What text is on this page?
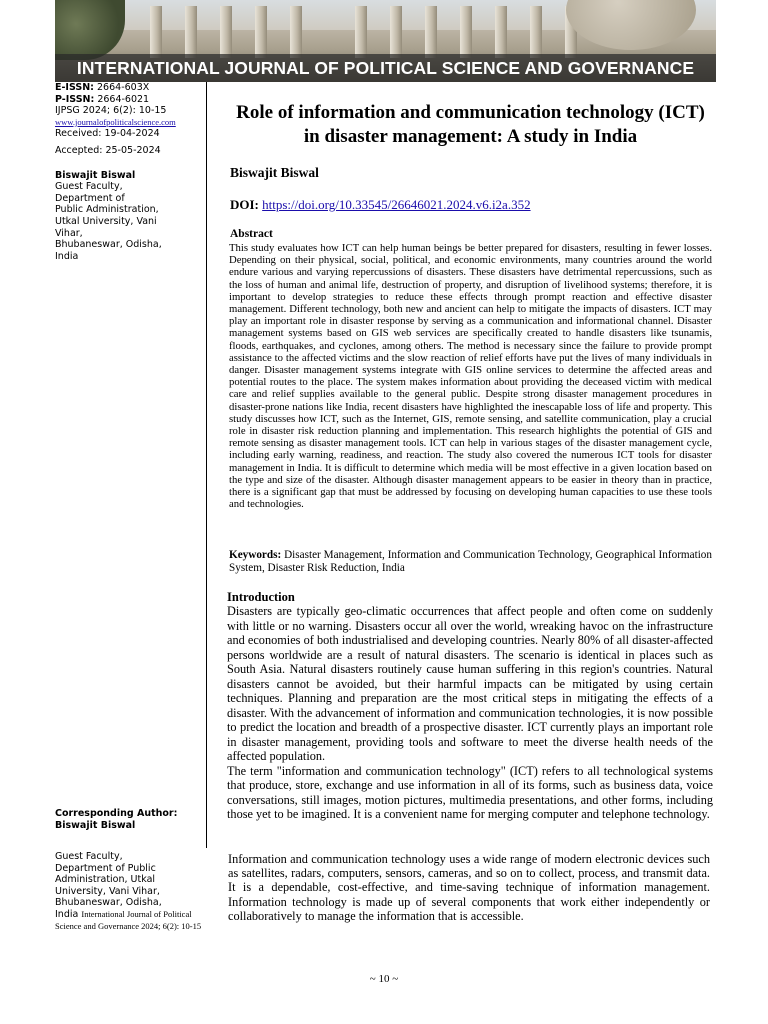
INTERNATIONAL JOURNAL OF POLITICAL SCIENCE AND GOVERNANCE
E-ISSN: 2664-603X
P-ISSN: 2664-6021
IJPSG 2024; 6(2): 10-15
www.journalofpoliticalscience.com
Received: 19-04-2024
Accepted: 25-05-2024
Biswajit Biswal
Guest Faculty,
Department of
Public Administration,
Utkal University, Vani
Vihar,
Bhubaneswar, Odisha,
India
Corresponding Author:
Biswajit Biswal
Guest Faculty,
Department of Public
Administration, Utkal
University, Vani Vihar,
Bhubaneswar, Odisha,
India International Journal of Political Science and Governance 2024; 6(2): 10-15
Role of information and communication technology (ICT) in disaster management: A study in India
Biswajit Biswal
DOI: https://doi.org/10.33545/26646021.2024.v6.i2a.352
Abstract
This study evaluates how ICT can help human beings be better prepared for disasters, resulting in fewer losses. Depending on their physical, social, political, and economic environments, many countries around the world endure various and varying repercussions of disasters. These disasters have detrimental repercussions, such as the loss of human and animal life, destruction of property, and disruption of livelihood systems; therefore, it is important to develop strategies to reduce these effects through prompt reaction and effective disaster management. Different technology, both new and ancient can help to mitigate the impacts of disasters. ICT may play an important role in disaster response by serving as a communication and informational channel. Disaster management systems based on GIS web services are specifically created to handle disasters like tsunamis, floods, earthquakes, and cyclones, among others. The method is necessary since the failure to provide prompt assistance to the affected victims and the slow reaction of relief efforts have put the lives of many individuals in danger. Disaster management systems integrate with GIS online services to determine the affected areas and potential routes to the place. The system makes information about providing the deceased victim with medical care and relief supplies available to the general public. Despite strong disaster management procedures in disaster-prone nations like India, recent disasters have highlighted the inescapable loss of life and property. This study discusses how ICT, such as the Internet, GIS, remote sensing, and satellite communication, play a crucial role in disaster risk reduction planning and implementation. This research highlights the potential of GIS and remote sensing as disaster management tools. ICT can help in various stages of the disaster management cycle, including early warning, readiness, and reaction. The study also covered the numerous ICT tools for disaster management in India. It is difficult to determine which media will be most effective in a given location based on the type and size of the disaster. Although disaster management appears to be easier in theory than in practice, there is a significant gap that must be addressed by focusing on developing human capacities to use these tools and technologies.
Keywords: Disaster Management, Information and Communication Technology, Geographical Information System, Disaster Risk Reduction, India
Introduction

Disasters are typically geo-climatic occurrences that affect people and often come on suddenly with little or no warning. Disasters occur all over the world, wreaking havoc on the infrastructure and economies of both industrialised and developing countries. Nearly 80% of all disaster-affected persons worldwide are a result of natural disasters. The scenario is identical in places such as South Asia. Natural disasters routinely cause human suffering in this region's countries. Natural disasters cannot be avoided, but their harmful impacts can be mitigated by using certain techniques. Planning and preparation are the most critical steps in mitigating the effects of a disaster. With the advancement of information and communication technologies, it is now possible to predict the location and breadth of a prospective disaster. ICT currently plays an important role in disaster management, providing tools and software to meet the diverse health needs of the affected population.

The term "information and communication technology" (ICT) refers to all technological systems that produce, store, exchange and use information in all of its forms, such as business data, voice conversations, still images, motion pictures, multimedia presentations, and other forms, including those yet to be imagined. It is a convenient name for merging computer and telephone technology.

Information and communication technology uses a wide range of modern electronic devices such as satellites, radars, computers, sensors, cameras, and so on to collect, process, and transmit data. It is a dependable, cost-effective, and time-saving technique of information management. Information technology is made up of several components that work either independently or collaboratively to manage the information that is accessible.
~ 10 ~
